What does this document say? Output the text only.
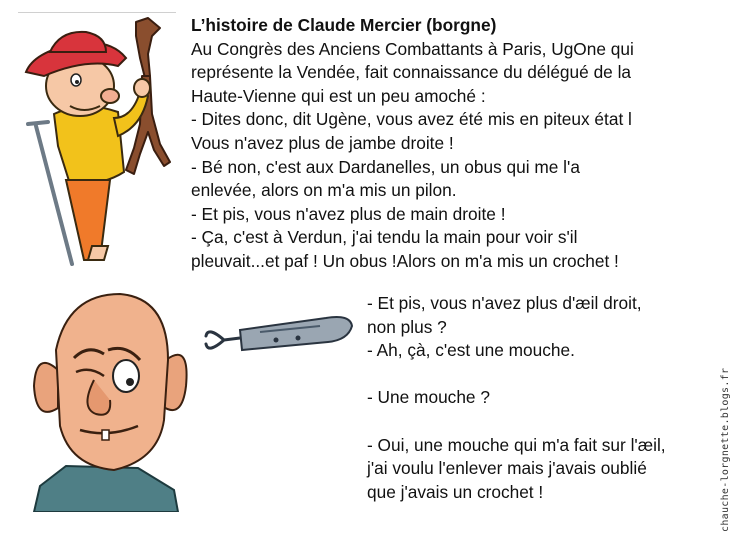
L’histoire de Claude Mercier (borgne)
Au Congrès des Anciens Combattants à Paris, UgOne qui
représente la Vendée, fait connaissance du délégué de la
Haute-Vienne qui est un peu amoché :
- Dites donc, dit Ugène, vous avez été mis en piteux état l
Vous n'avez plus de jambe droite !
- Bé non, c'est aux Dardanelles, un obus qui me l'a
enlevée, alors on m'a mis un pilon.
- Et pis, vous n'avez plus de main droite !
- Ça, c'est à Verdun, j'ai tendu la main pour voir s'il
pleuvait...et paf ! Un obus !Alors on m'a mis un crochet !
- Et pis, vous n'avez plus d'æil droit,
non plus ?
- Ah, çà, c'est une mouche.
- Une mouche ?
- Oui, une mouche qui m'a fait sur l'æil,
j'ai voulu l'enlever mais j'avais oublié
que j'avais un crochet !	chauche-lorgnette.blogs.fr
